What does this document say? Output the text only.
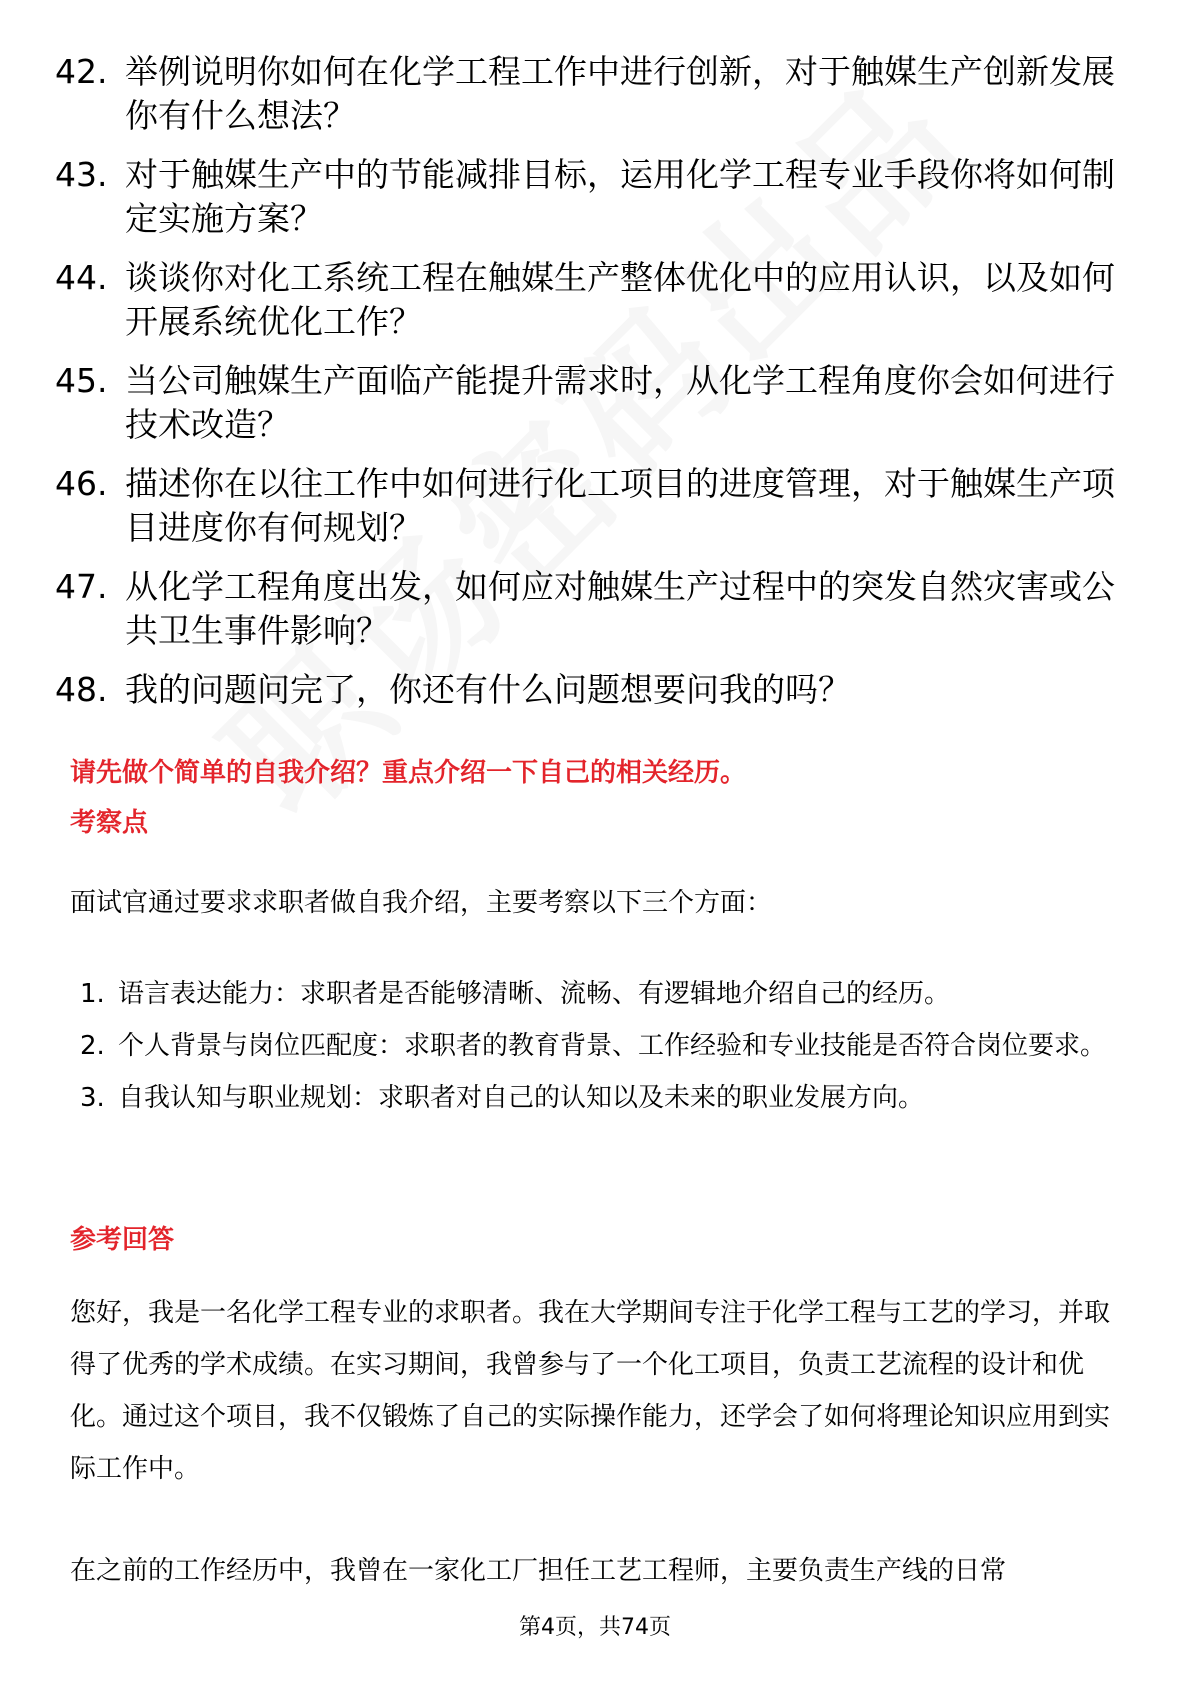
42. 举例说明你如何在化学工程工作中进行创新，对于触媒生产创新发展你有什么想法？
43. 对于触媒生产中的节能减排目标，运用化学工程专业手段你将如何制定实施方案？
44. 谈谈你对化工系统工程在触媒生产整体优化中的应用认识，以及如何开展系统优化工作？
45. 当公司触媒生产面临产能提升需求时，从化学工程角度你会如何进行技术改造？
46. 描述你在以往工作中如何进行化工项目的进度管理，对于触媒生产项目进度你有何规划？
47. 从化学工程角度出发，如何应对触媒生产过程中的突发自然灾害或公共卫生事件影响？
48. 我的问题问完了，你还有什么问题想要问我的吗？
请先做个简单的自我介绍？重点介绍一下自己的相关经历。
考察点
面试官通过要求求职者做自我介绍，主要考察以下三个方面：
1. 语言表达能力：求职者是否能够清晰、流畅、有逻辑地介绍自己的经历。
2. 个人背景与岗位匹配度：求职者的教育背景、工作经验和专业技能是否符合岗位要求。
3. 自我认知与职业规划：求职者对自己的认知以及未来的职业发展方向。
参考回答
您好，我是一名化学工程专业的求职者。我在大学期间专注于化学工程与工艺的学习，并取得了优秀的学术成绩。在实习期间，我曾参与了一个化工项目，负责工艺流程的设计和优化。通过这个项目，我不仅锻炼了自己的实际操作能力，还学会了如何将理论知识应用到实际工作中。
在之前的工作经历中，我曾在一家化工厂担任工艺工程师，主要负责生产线的日常
第4页，共74页
